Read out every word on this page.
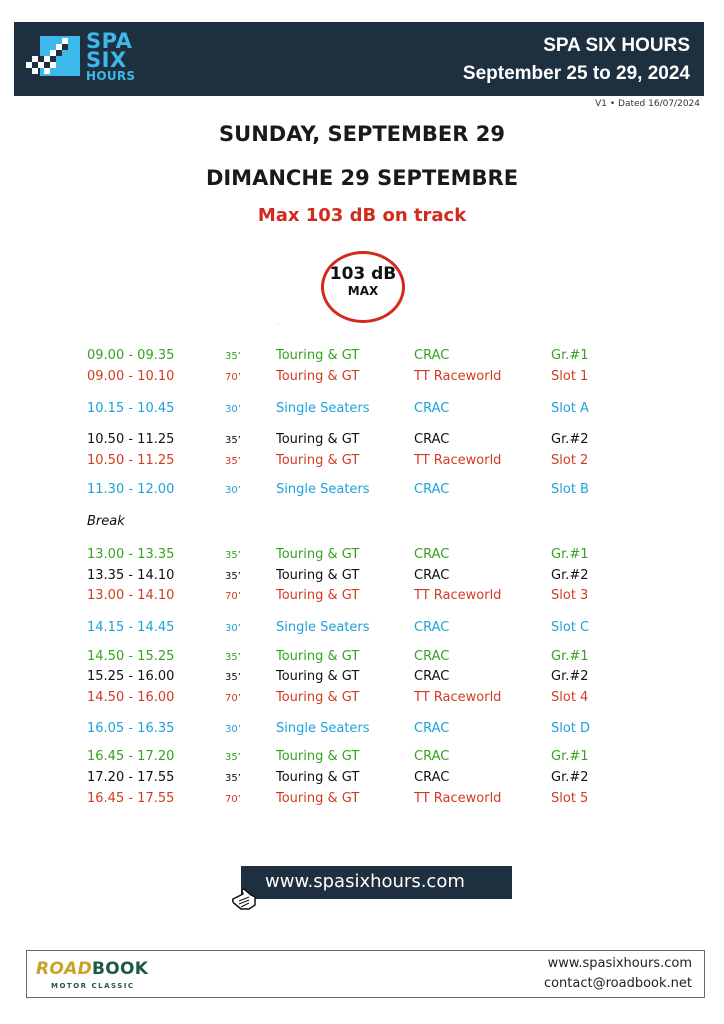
SPA
SIX
HOURS
SPA SIX HOURS
September 25 to 29, 2024
V1 • Dated 16/07/2024
SUNDAY, SEPTEMBER 29
DIMANCHE 29 SEPTEMBRE
Max 103 dB on track
103 dB
MAX
.
09.00 - 09.35	35’	Touring & GT	CRAC	Gr.#1
09.00 - 10.10	70’	Touring & GT	TT Raceworld	Slot 1
10.15 - 10.45	30’	Single Seaters	CRAC	Slot A
10.50 - 11.25	35’	Touring & GT	CRAC	Gr.#2
10.50 - 11.25	35’	Touring & GT	TT Raceworld	Slot 2
11.30 - 12.00	30’	Single Seaters	CRAC	Slot B
13.00 - 13.35	35’	Touring & GT	CRAC	Gr.#1
13.35 - 14.10	35’	Touring & GT	CRAC	Gr.#2
13.00 - 14.10	70’	Touring & GT	TT Raceworld	Slot 3
14.15 - 14.45	30’	Single Seaters	CRAC	Slot C
14.50 - 15.25	35’	Touring & GT	CRAC	Gr.#1
15.25 - 16.00	35’	Touring & GT	CRAC	Gr.#2
14.50 - 16.00	70’	Touring & GT	TT Raceworld	Slot 4
16.05 - 16.35	30’	Single Seaters	CRAC	Slot D
16.45 - 17.20	35’	Touring & GT	CRAC	Gr.#1
17.20 - 17.55	35’	Touring & GT	CRAC	Gr.#2
16.45 - 17.55	70’	Touring & GT	TT Raceworld	Slot 5
Break
www.spasixhours.com
ROADBOOK
MOTOR CLASSIC
www.spasixhours.com
contact@roadbook.net
